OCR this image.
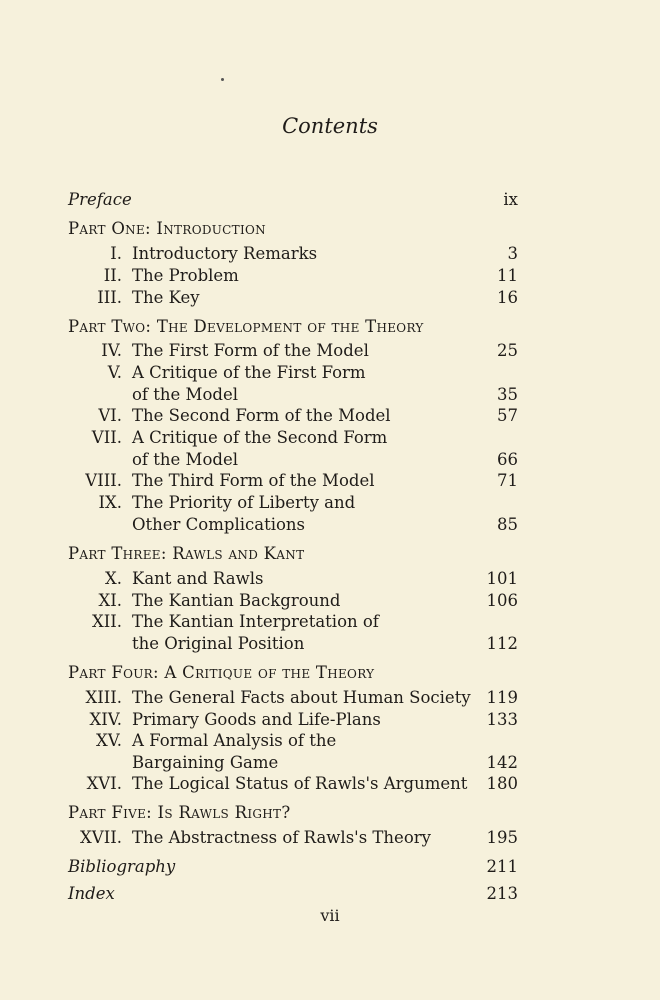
Contents
Preface	ix
Part One: Introduction
I. Introductory Remarks	3
II. The Problem	11
III. The Key	16
Part Two: The Development of the Theory
IV. The First Form of the Model	25
V. A Critique of the First Form
of the Model	35
VI. The Second Form of the Model	57
VII. A Critique of the Second Form
of the Model	66
VIII. The Third Form of the Model	71
IX. The Priority of Liberty and
Other Complications	85
Part Three: Rawls and Kant
X. Kant and Rawls	101
XI. The Kantian Background	106
XII. The Kantian Interpretation of
the Original Position	112
Part Four: A Critique of the Theory
XIII. The General Facts about Human Society 119
XIV. Primary Goods and Life-Plans	133
XV. A Formal Analysis of the
Bargaining Game	142
XVI. The Logical Status of Rawls's Argument 180
Part Five: Is Rawls Right?
XVII. The Abstractness of Rawls's Theory	195
Bibliography	211
Index	213
vii
